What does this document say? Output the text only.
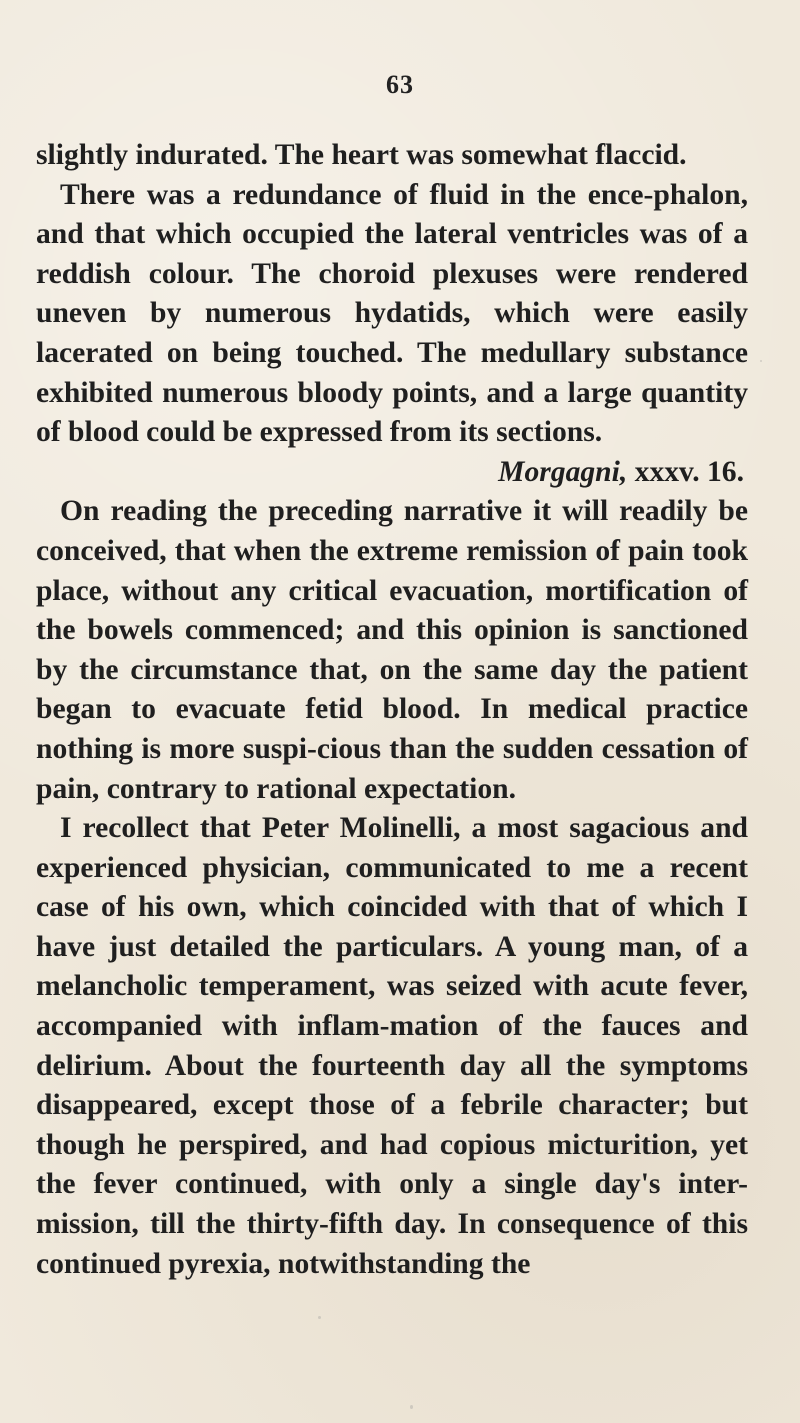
63

slightly indurated. The heart was somewhat flaccid.

There was a redundance of fluid in the ence-phalon, and that which occupied the lateral ventricles was of a reddish colour. The choroid plexuses were rendered uneven by numerous hydatids, which were easily lacerated on being touched. The medullary substance exhibited numerous bloody points, and a large quantity of blood could be expressed from its sections.

Morgagni, xxxv. 16.

On reading the preceding narrative it will readily be conceived, that when the extreme remission of pain took place, without any critical evacuation, mortification of the bowels commenced; and this opinion is sanctioned by the circumstance that, on the same day the patient began to evacuate fetid blood. In medical practice nothing is more suspi-cious than the sudden cessation of pain, contrary to rational expectation.

I recollect that Peter Molinelli, a most sagacious and experienced physician, communicated to me a recent case of his own, which coincided with that of which I have just detailed the particulars. A young man, of a melancholic temperament, was seized with acute fever, accompanied with inflam-mation of the fauces and delirium. About the fourteenth day all the symptoms disappeared, except those of a febrile character; but though he perspired, and had copious micturition, yet the fever continued, with only a single day's inter-mission, till the thirty-fifth day. In consequence of this continued pyrexia, notwithstanding the
